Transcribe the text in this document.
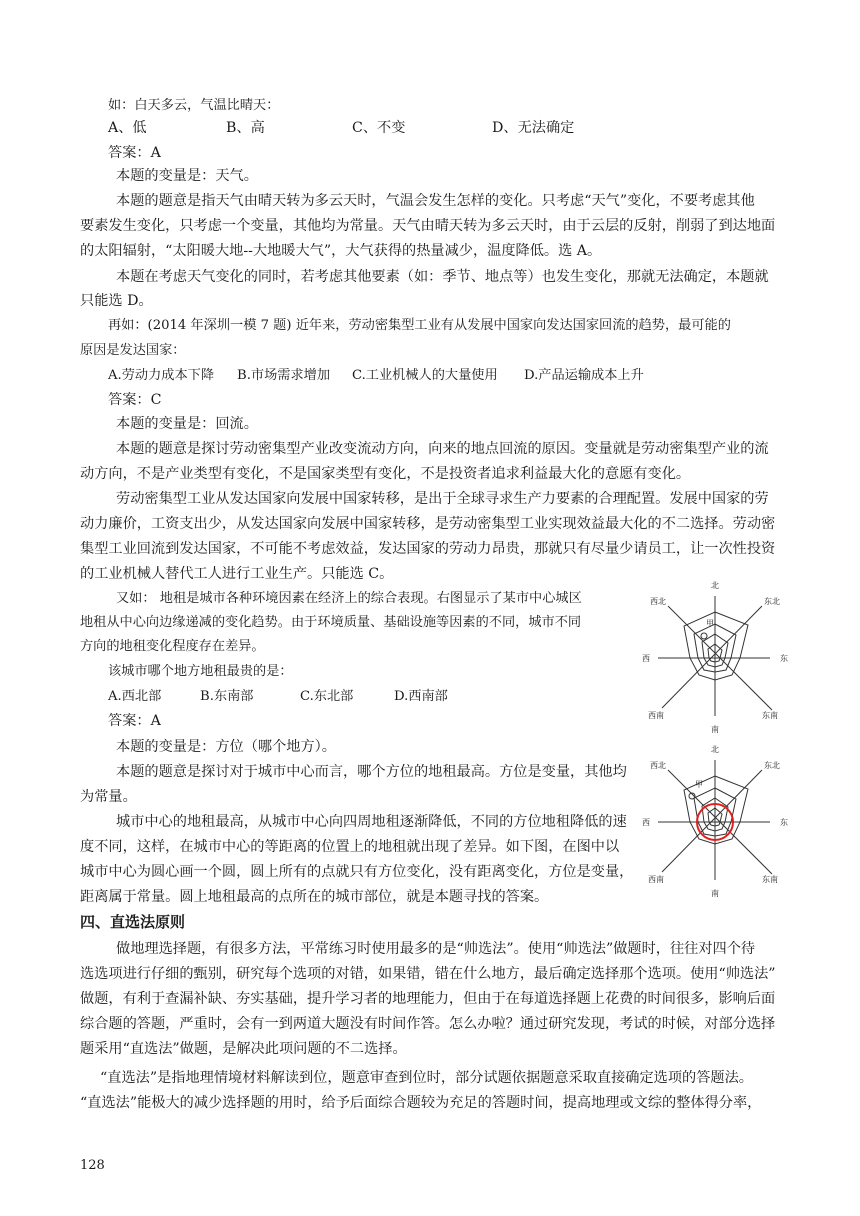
如：白天多云，气温比晴天：
A、低	B、高	C、不变	D、无法确定
答案：A
本题的变量是：天气。
本题的题意是指天气由晴天转为多云天时，气温会发生怎样的变化。只考虑“天气”变化，不要考虑其他
要素发生变化，只考虑一个变量，其他均为常量。天气由晴天转为多云天时，由于云层的反射，削弱了到达地面
的太阳辐射，“太阳暖大地--大地暖大气”，大气获得的热量减少，温度降低。选 A。
本题在考虑天气变化的同时，若考虑其他要素（如：季节、地点等）也发生变化，那就无法确定，本题就
只能选 D。
再如：(2014 年深圳一模 7 题) 近年来，劳动密集型工业有从发展中国家向发达国家回流的趋势，最可能的
原因是发达国家：
A.劳动力成本下降 B.市场需求增加 C.工业机械人的大量使用 D.产品运输成本上升
答案：C
本题的变量是：回流。
本题的题意是探讨劳动密集型产业改变流动方向，向来的地点回流的原因。变量就是劳动密集型产业的流
动方向，不是产业类型有变化，不是国家类型有变化，不是投资者追求利益最大化的意愿有变化。
劳动密集型工业从发达国家向发展中国家转移，是出于全球寻求生产力要素的合理配置。发展中国家的劳
动力廉价，工资支出少，从发达国家向发展中国家转移，是劳动密集型工业实现效益最大化的不二选择。劳动密
集型工业回流到发达国家，不可能不考虑效益，发达国家的劳动力昂贵，那就只有尽量少请员工，让一次性投资
的工业机械人替代工人进行工业生产。只能选 C。
又如： 地租是城市各种环境因素在经济上的综合表现。右图显示了某市中心城区
地租从中心向边缘递减的变化趋势。由于环境质量、基础设施等因素的不同，城市不同
方向的地租变化程度存在差异。
该城市哪个地方地租最贵的是：
A.西北部	B.东南部	C.东北部	D.西南部
答案：A
本题的变量是：方位（哪个地方）。
本题的题意是探讨对于城市中心而言，哪个方位的地租最高。方位是变量，其他均
为常量。
城市中心的地租最高，从城市中心向四周地租逐渐降低，不同的方位地租降低的速
度不同，这样，在城市中心的等距离的位置上的地租就出现了差异。如下图，在图中以
城市中心为圆心画一个圆，圆上所有的点就只有方位变化，没有距离变化，方位是变量，
距离属于常量。圆上地租最高的点所在的城市部位，就是本题寻找的答案。
北
东北
东
东南
南
西南
西
西北
甲
北
东北
东
东南
南
西南
西
西北
甲
四、直选法原则
做地理选择题，有很多方法，平常练习时使用最多的是“帅选法”。使用“帅选法”做题时，往往对四个待
选选项进行仔细的甄别，研究每个选项的对错，如果错，错在什么地方，最后确定选择那个选项。使用“帅选法”
做题，有利于查漏补缺、夯实基础，提升学习者的地理能力，但由于在每道选择题上花费的时间很多，影响后面
综合题的答题，严重时，会有一到两道大题没有时间作答。怎么办啦？通过研究发现，考试的时候，对部分选择
题采用“直选法”做题，是解决此项问题的不二选择。
“直选法”是指地理情境材料解读到位，题意审查到位时，部分试题依据题意采取直接确定选项的答题法。
“直选法”能极大的减少选择题的用时，给予后面综合题较为充足的答题时间，提高地理或文综的整体得分率，
128
